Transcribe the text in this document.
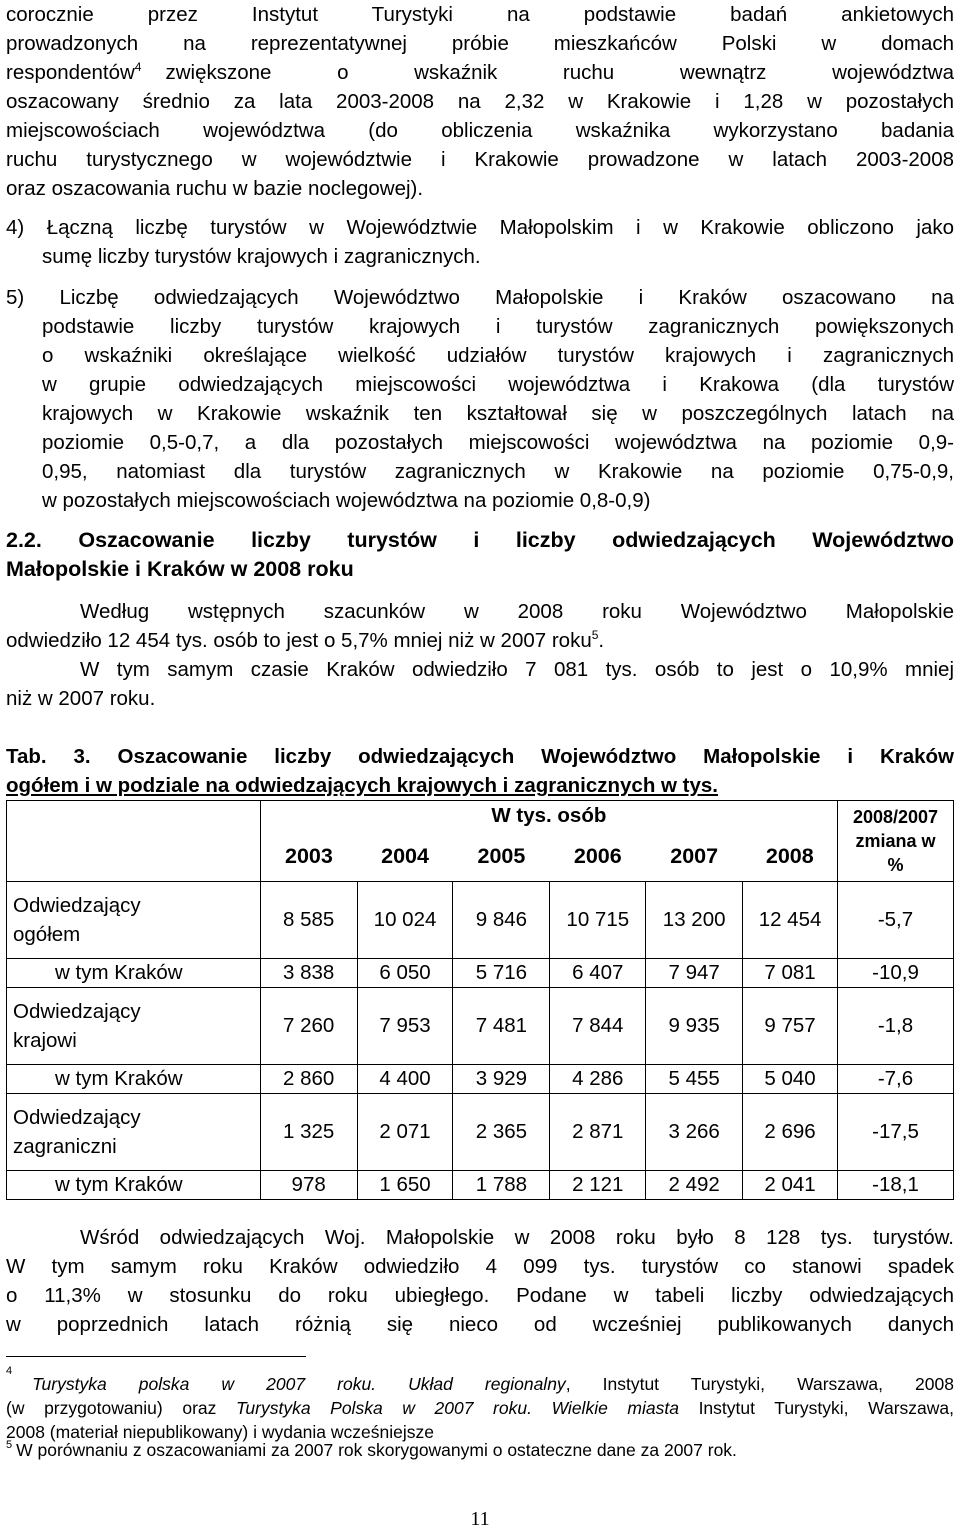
corocznie przez Instytut Turystyki na podstawie badań ankietowych
prowadzonych na reprezentatywnej próbie mieszkańców Polski w domach
respondentów$^4$ zwiększone o wskaźnik ruchu wewnątrz województwa
oszacowany średnio za lata 2003-2008 na 2,32 w Krakowie i 1,28 w pozostałych
miejscowościach województwa (do obliczenia wskaźnika wykorzystano badania
ruchu turystycznego w województwie i Krakowie prowadzone w latach 2003-2008
oraz oszacowania ruchu w bazie noclegowej).
4) Łączną liczbę turystów w Województwie Małopolskim i w Krakowie obliczono jako
sumę liczby turystów krajowych i zagranicznych.
5) Liczbę odwiedzających Województwo Małopolskie i Kraków oszacowano na
podstawie liczby turystów krajowych i turystów zagranicznych powiększonych
o wskaźniki określające wielkość udziałów turystów krajowych i zagranicznych
w grupie odwiedzających miejscowości województwa i Krakowa (dla turystów
krajowych w Krakowie wskaźnik ten kształtował się w poszczególnych latach na
poziomie 0,5-0,7, a dla pozostałych miejscowości województwa na poziomie 0,9-
0,95, natomiast dla turystów zagranicznych w Krakowie na poziomie 0,75-0,9,
w pozostałych miejscowościach województwa na poziomie 0,8-0,9)
2.2. Oszacowanie liczby turystów i liczby odwiedzających Województwo
Małopolskie i Kraków w 2008 roku
Według wstępnych szacunków w 2008 roku Województwo Małopolskie
odwiedziło 12 454 tys. osób to jest o 5,7% mniej niż w 2007 roku$^5$.
W tym samym czasie Kraków odwiedziło 7 081 tys. osób to jest o 10,9% mniej
niż w 2007 roku.
Tab. 3. Oszacowanie liczby odwiedzających Województwo Małopolskie i Kraków
ogółem i w podziale na odwiedzających krajowych i zagranicznych w tys.
	W tys. osób						2008/2007
zmiana w
%

	2003	2004	2005	2006	2007	2008	

Odwiedzający
ogółem	8 585	10 024	9 846	10 715	13 200	12 454	-5,7
w tym Kraków	3 838	6 050	5 716	6 407	7 947	7 081	-10,9

Odwiedzający
krajowi	7 260	7 953	7 481	7 844	9 935	9 757	-1,8
w tym Kraków	2 860	4 400	3 929	4 286	5 455	5 040	-7,6

Odwiedzający
zagraniczni	1 325	2 071	2 365	2 871	3 266	2 696	-17,5
w tym Kraków	978	1 650	1 788	2 121	2 492	2 041	-18,1
Wśród odwiedzających Woj. Małopolskie w 2008 roku było 8 128 tys. turystów.
W tym samym roku Kraków odwiedziło 4 099 tys. turystów co stanowi spadek
o 11,3% w stosunku do roku ubiegłego. Podane w tabeli liczby odwiedzających
w poprzednich latach różnią się nieco od wcześniej publikowanych danych
4
Turystyka polska w 2007 roku. Układ regionalny, Instytut Turystyki, Warszawa, 2008
(w przygotowaniu) oraz Turystyka Polska w 2007 roku. Wielkie miasta Instytut Turystyki, Warszawa,
2008 (materiał niepublikowany) i wydania wcześniejsze
$^5$ W porównaniu z oszacowaniami za 2007 rok skorygowanymi o ostateczne dane za 2007 rok.
11
